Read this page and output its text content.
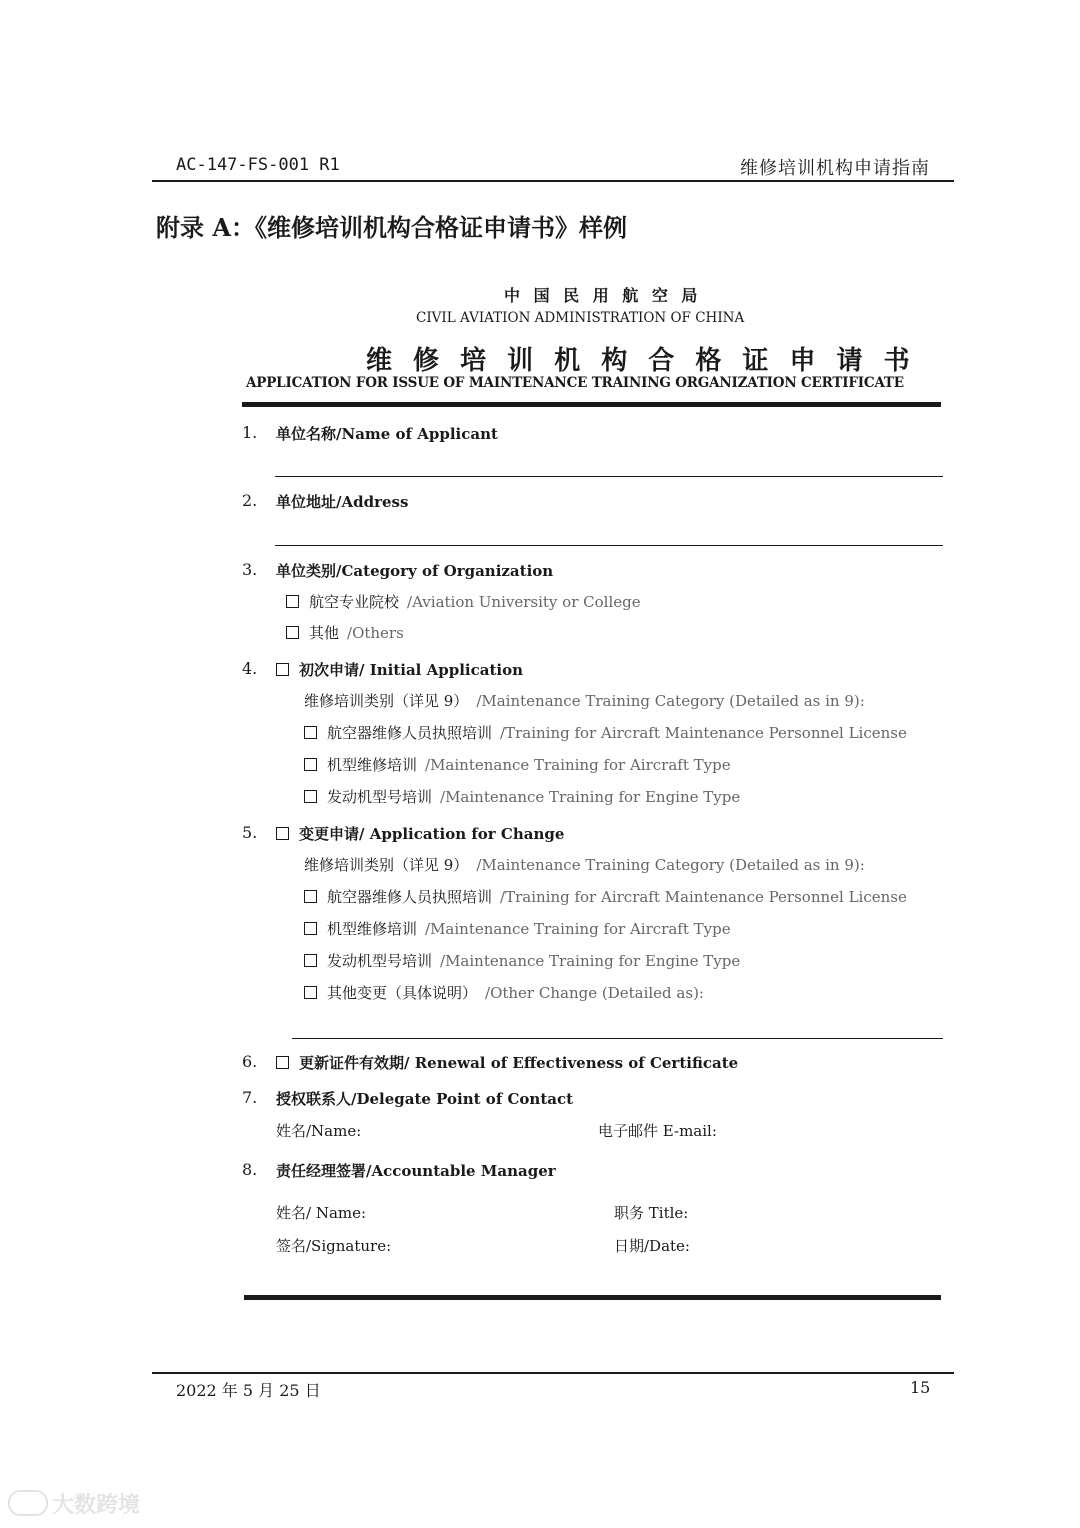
AC-147-FS-001 R1	维修培训机构申请指南
附录 A：《维修培训机构合格证申请书》样例
中 国 民 用 航 空 局
CIVIL AVIATION ADMINISTRATION OF CHINA
维 修 培 训 机 构 合 格 证 申 请 书
APPLICATION FOR ISSUE OF MAINTENANCE TRAINING ORGANIZATION CERTIFICATE
1. 单位名称/Name of Applicant
2. 单位地址/Address
3. 单位类别/Category of Organization
航空专业院校 /Aviation University or College
其他 /Others
4.	初次申请/ Initial Application
维修培训类别（详见 9） /Maintenance Training Category (Detailed as in 9):
航空器维修人员执照培训 /Training for Aircraft Maintenance Personnel License
机型维修培训 /Maintenance Training for Aircraft Type
发动机型号培训 /Maintenance Training for Engine Type
5.	变更申请/ Application for Change
维修培训类别（详见 9） /Maintenance Training Category (Detailed as in 9):
航空器维修人员执照培训 /Training for Aircraft Maintenance Personnel License
机型维修培训 /Maintenance Training for Aircraft Type
发动机型号培训 /Maintenance Training for Engine Type
其他变更（具体说明） /Other Change (Detailed as):
6.	更新证件有效期/ Renewal of Effectiveness of Certificate
7. 授权联系人/Delegate Point of Contact
姓名/Name:	电子邮件 E-mail:
8. 责任经理签署/Accountable Manager
姓名/ Name:	职务 Title:
签名/Signature:	日期/Date:
2022 年 5 月 25 日	15
大数跨境
